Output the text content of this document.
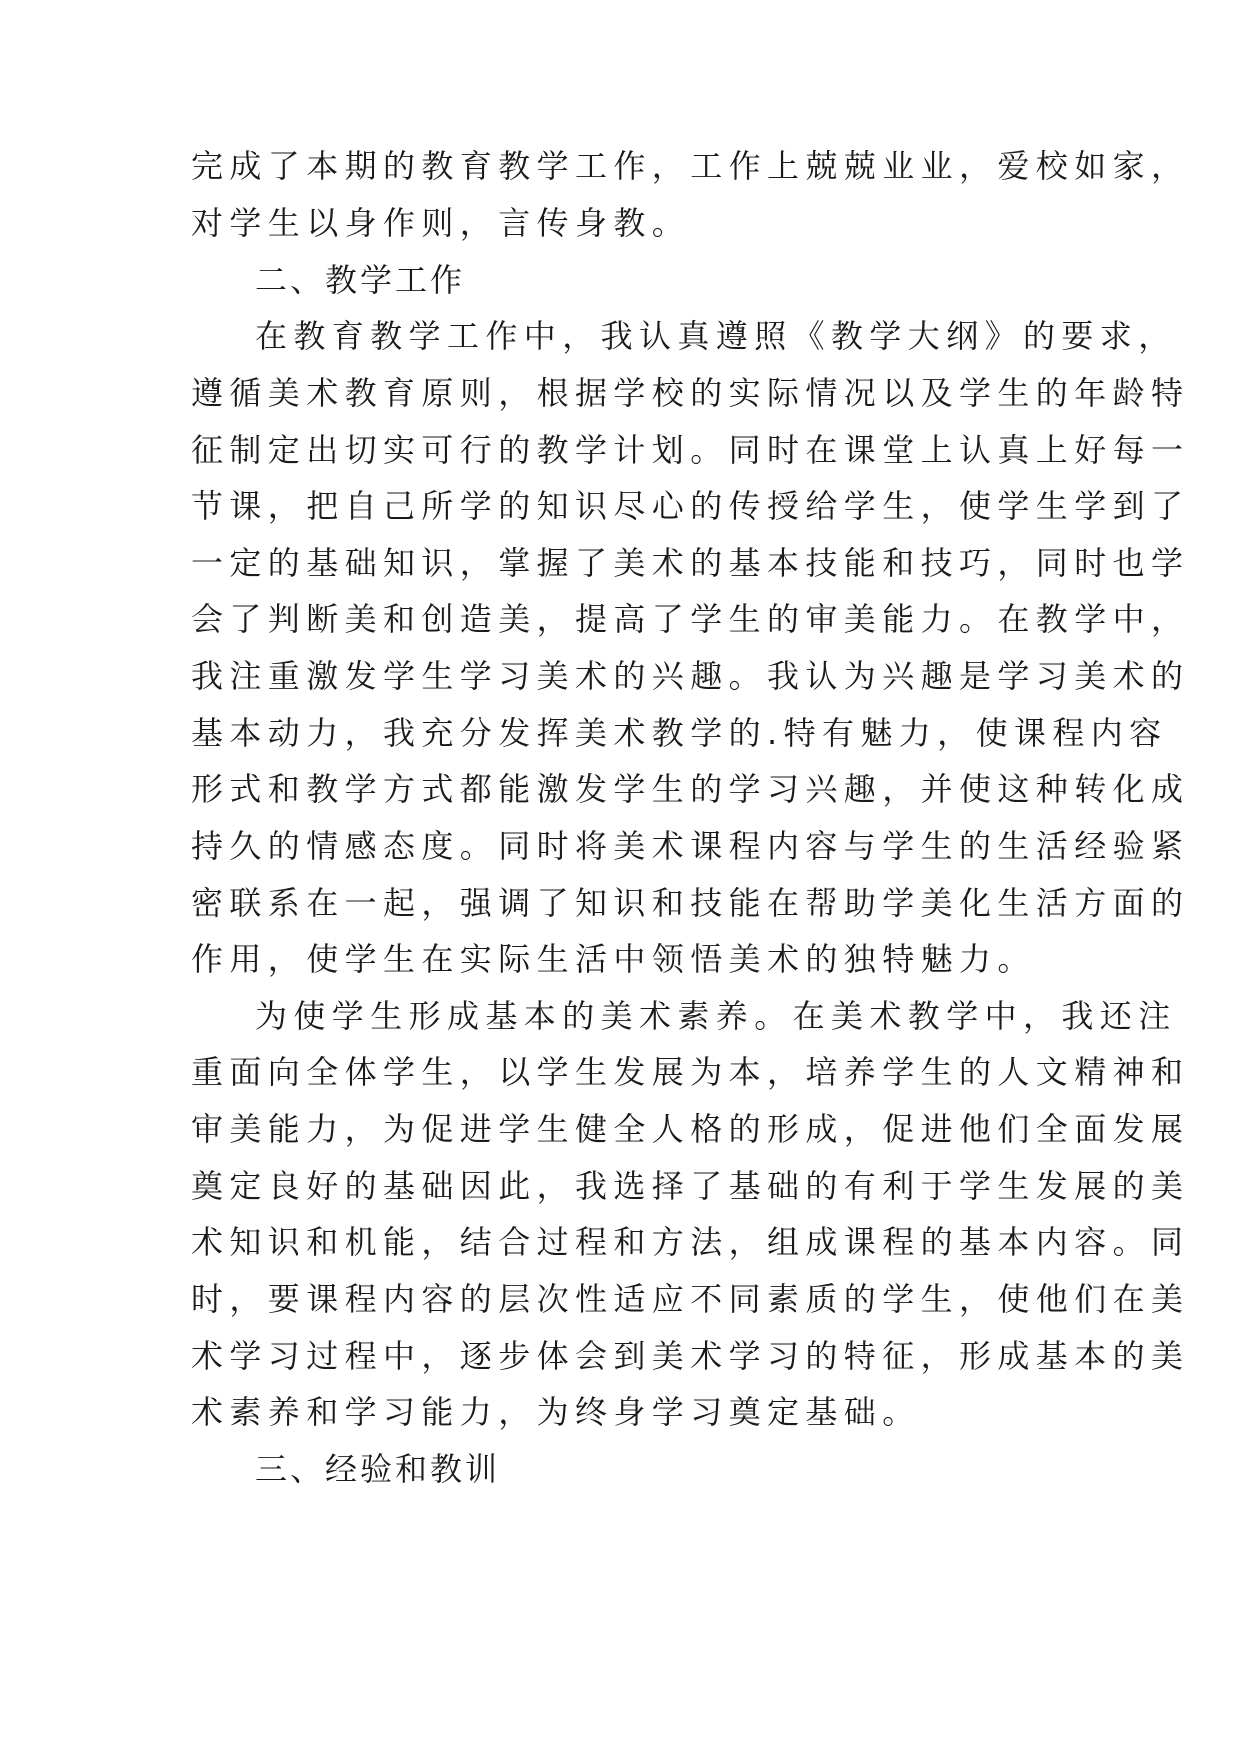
完成了本期的教育教学工作，工作上兢兢业业，爱校如家，
对学生以身作则，言传身教。
二、教学工作
在教育教学工作中，我认真遵照《教学大纲》的要求，
遵循美术教育原则，根据学校的实际情况以及学生的年龄特
征制定出切实可行的教学计划。同时在课堂上认真上好每一
节课，把自己所学的知识尽心的传授给学生，使学生学到了
一定的基础知识，掌握了美术的基本技能和技巧，同时也学
会了判断美和创造美，提高了学生的审美能力。在教学中，
我注重激发学生学习美术的兴趣。我认为兴趣是学习美术的
基本动力，我充分发挥美术教学的.特有魅力，使课程内容
形式和教学方式都能激发学生的学习兴趣，并使这种转化成
持久的情感态度。同时将美术课程内容与学生的生活经验紧
密联系在一起，强调了知识和技能在帮助学美化生活方面的
作用，使学生在实际生活中领悟美术的独特魅力。
为使学生形成基本的美术素养。在美术教学中，我还注
重面向全体学生，以学生发展为本，培养学生的人文精神和
审美能力，为促进学生健全人格的形成，促进他们全面发展
奠定良好的基础因此，我选择了基础的有利于学生发展的美
术知识和机能，结合过程和方法，组成课程的基本内容。同
时，要课程内容的层次性适应不同素质的学生，使他们在美
术学习过程中，逐步体会到美术学习的特征，形成基本的美
术素养和学习能力，为终身学习奠定基础。
三、经验和教训
